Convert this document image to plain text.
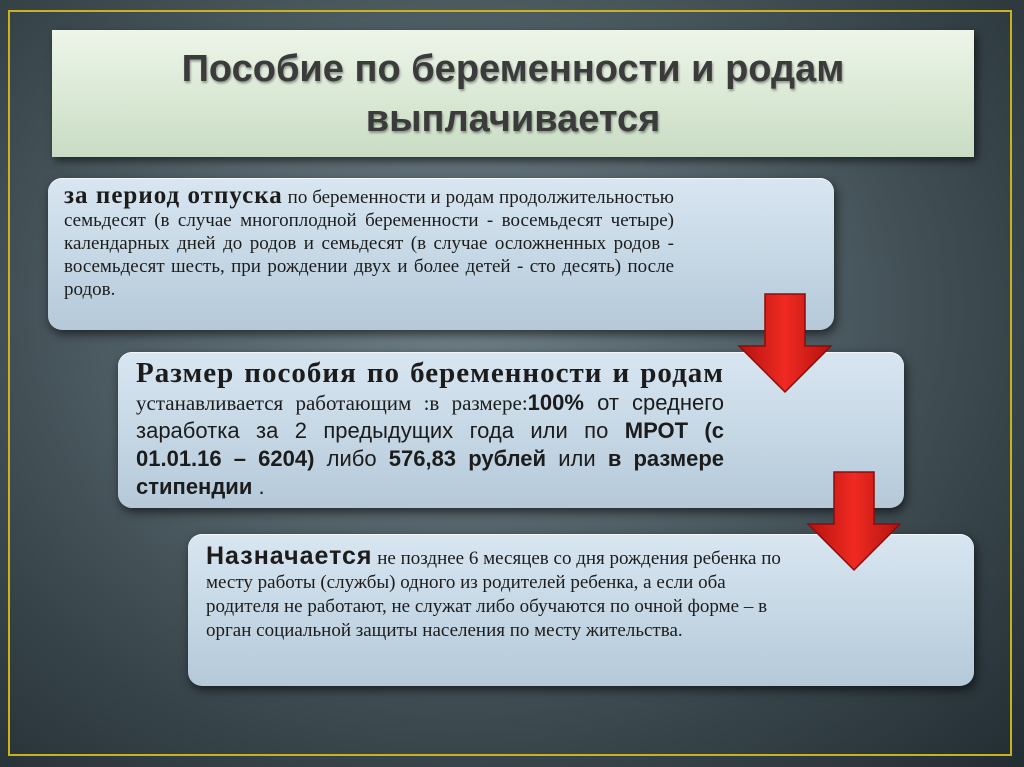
Пособие по беременности и родам выплачивается

за период отпуска по беременности и родам продолжительностью семьдесят (в случае многоплодной беременности - восемьдесят четыре) календарных дней до родов и семьдесят (в случае осложненных родов - восемьдесят шесть, при рождении двух и более детей - сто десять) после родов.

Размер пособия по беременности и родам устанавливается работающим :в размере:100% от среднего заработка за 2 предыдущих года или по МРОТ (с 01.01.16 – 6204) либо 576,83 рублей или в размере стипендии .

Назначается не позднее 6 месяцев со дня рождения ребенка по месту работы (службы) одного из родителей ребенка, а если оба родителя не работают, не служат либо обучаются по очной форме – в орган социальной защиты населения по месту жительства.
